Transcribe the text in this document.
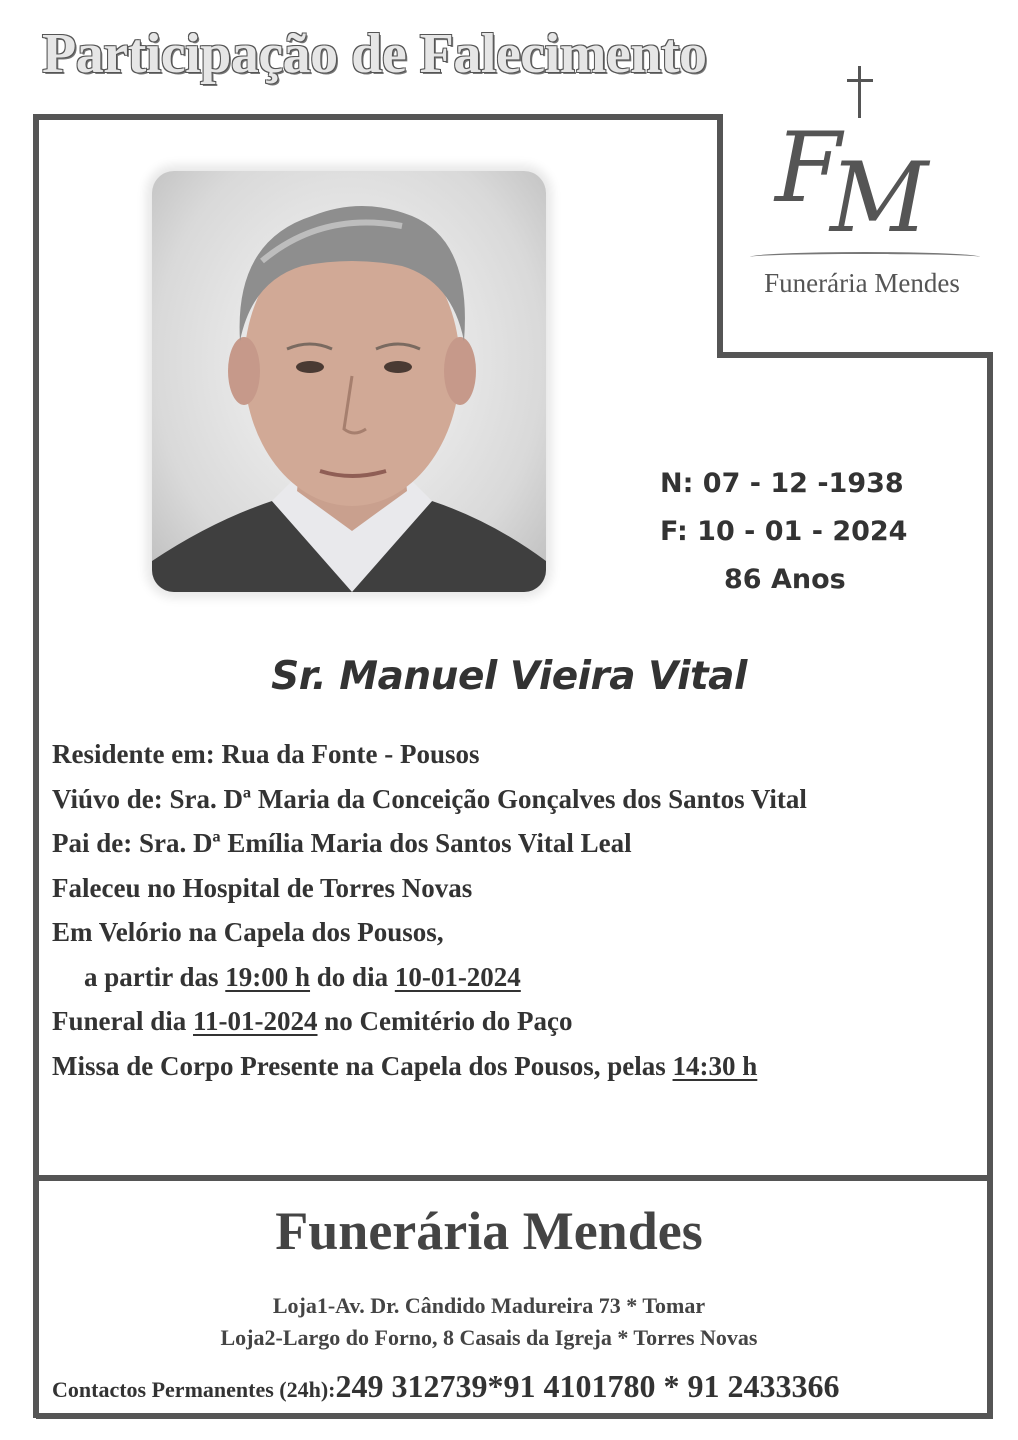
Participação de Falecimento
F
M
Funerária Mendes
N: 07 - 12 -1938
F: 10 - 01 - 2024
86 Anos
Sr. Manuel Vieira Vital
Residente em: Rua da Fonte - Pousos
Viúvo de: Sra. Dª Maria da Conceição Gonçalves dos Santos Vital
Pai de: Sra. Dª Emília Maria dos Santos Vital Leal
Faleceu no Hospital de Torres Novas
Em Velório na Capela dos Pousos,
a partir das 19:00 h do dia 10-01-2024
Funeral dia 11-01-2024 no Cemitério do Paço
Missa de Corpo Presente na Capela dos Pousos, pelas 14:30 h
Funerária Mendes
Loja1-Av. Dr. Cândido Madureira 73 * Tomar
Loja2-Largo do Forno, 8 Casais da Igreja * Torres Novas
Contactos Permanentes (24h):249 312739*91 4101780 * 91 2433366
